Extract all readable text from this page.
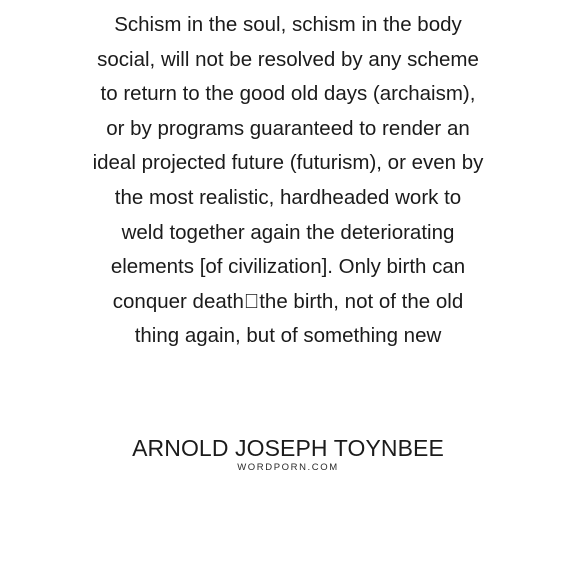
Schism in the soul, schism in the body
social, will not be resolved by any scheme
to return to the good old days (archaism),
or by programs guaranteed to render an
ideal projected future (futurism), or even by
the most realistic, hardheaded work to
weld together again the deteriorating
elements [of civilization]. Only birth can
conquer death the birth, not of the old
thing again, but of something new
ARNOLD JOSEPH TOYNBEE
WORDPORN.COM
